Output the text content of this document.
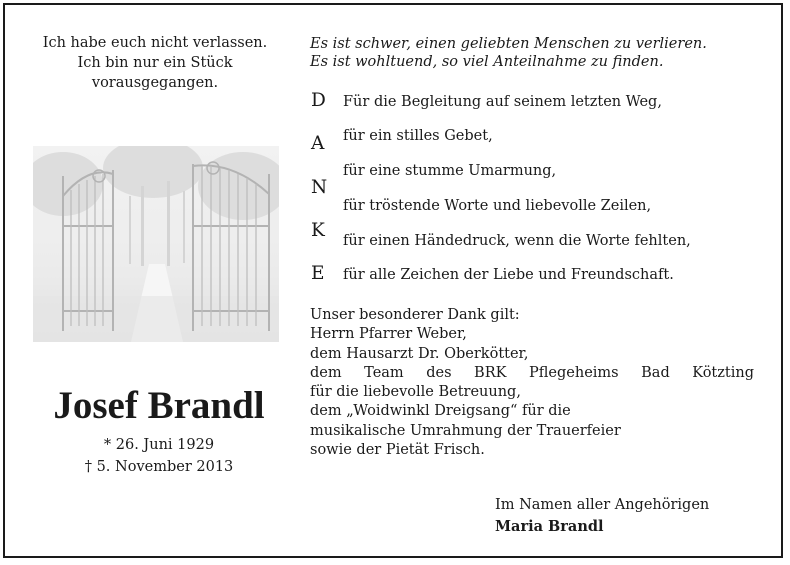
Ich habe euch nicht verlassen.
Ich bin nur ein Stück
vorausgegangen.
Josef Brandl
* 26. Juni 1929
† 5. November 2013
Es ist schwer, einen geliebten Menschen zu verlieren.
Es ist wohltuend, so viel Anteilnahme zu finden.
D
A
N
K
E
Für die Begleitung auf seinem letzten Weg,
für ein stilles Gebet,
für eine stumme Umarmung,
für tröstende Worte und liebevolle Zeilen,
für einen Händedruck, wenn die Worte fehlten,
für alle Zeichen der Liebe und Freundschaft.
Unser besonderer Dank gilt:
Herrn Pfarrer Weber,
dem Hausarzt Dr. Oberkötter,
dem Team des BRK Pflegeheims Bad Kötzting
für die liebevolle Betreuung,
dem „Woidwinkl Dreigsang“ für die
musikalische Umrahmung der Trauerfeier
sowie der Pietät Frisch.
Im Namen aller Angehörigen
Maria Brandl
